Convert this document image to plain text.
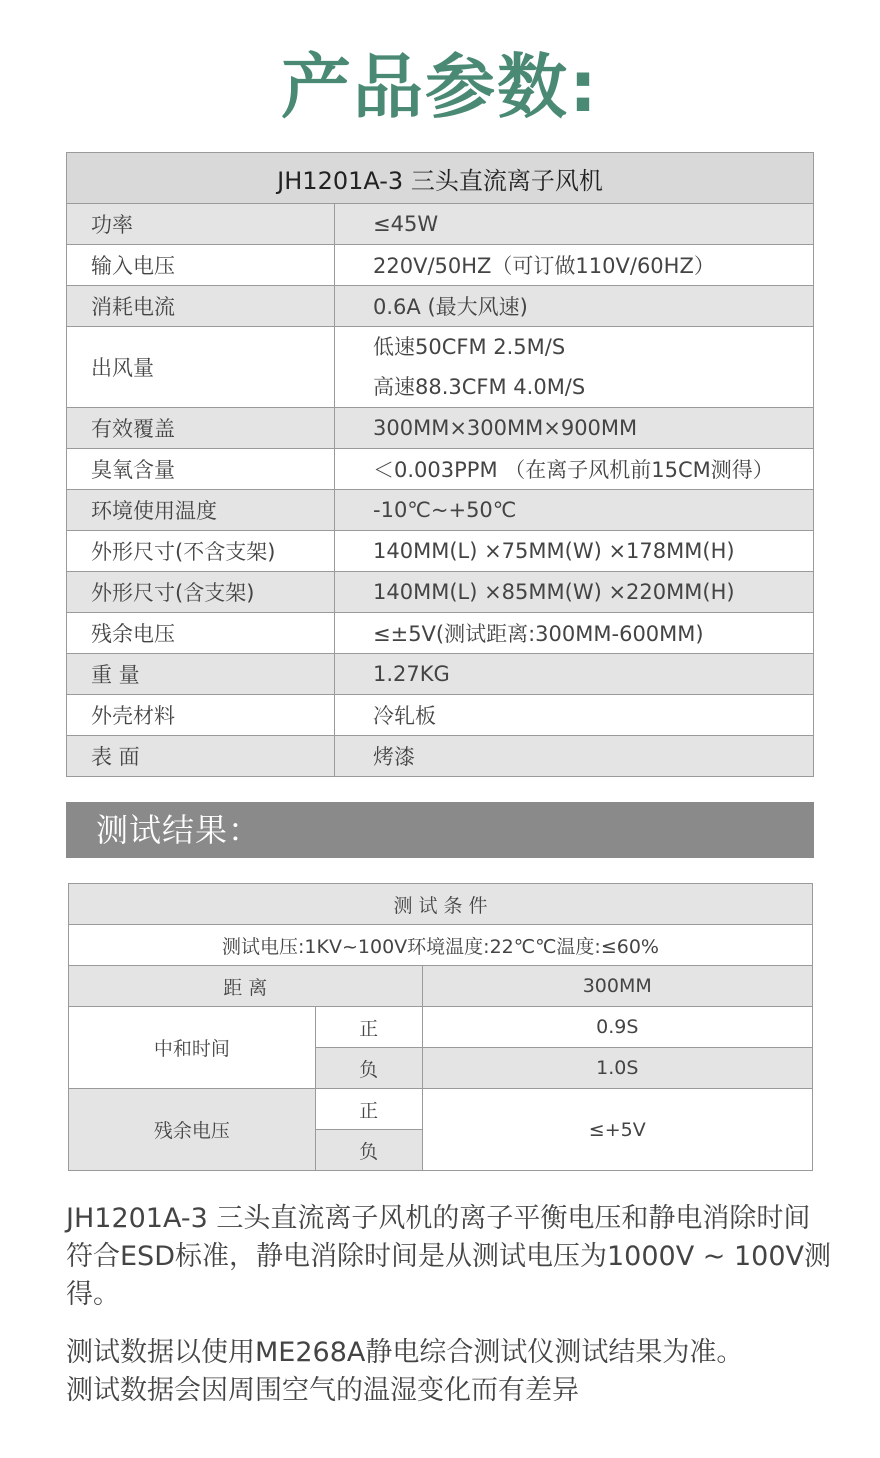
产品参数:
JH1201A-3 三头直流离子风机	
功率	≤45W
输入电压	220V/50HZ（可订做110V/60HZ）
消耗电流	0.6A (最大风速)
出风量	低速50CFM 2.5M/S
高速88.3CFM 4.0M/S

有效覆盖	300MM×300MM×900MM
臭氧含量	＜0.003PPM （在离子风机前15CM测得）
环境使用温度	-10℃~+50℃
外形尺寸(不含支架)	140MM(L) ×75MM(W) ×178MM(H)
外形尺寸(含支架)	140MM(L) ×85MM(W) ×220MM(H)
残余电压	≤±5V(测试距离:300MM-600MM)
重 量	1.27KG
外壳材料	冷轧板
表 面	烤漆
测试结果：
测 试 条 件		
测试电压:1KV~100V环境温度:22℃℃温度:≤60%		
距 离		300MM
中和时间	正	0.9S
	负	1.0S
残余电压	正	≤+5V
	负	
JH1201A-3 三头直流离子风机的离子平衡电压和静电消除时间符合ESD标准，静电消除时间是从测试电压为1000V ~ 100V测得。
测试数据以使用ME268A静电综合测试仪测试结果为准。
测试数据会因周围空气的温湿变化而有差异
